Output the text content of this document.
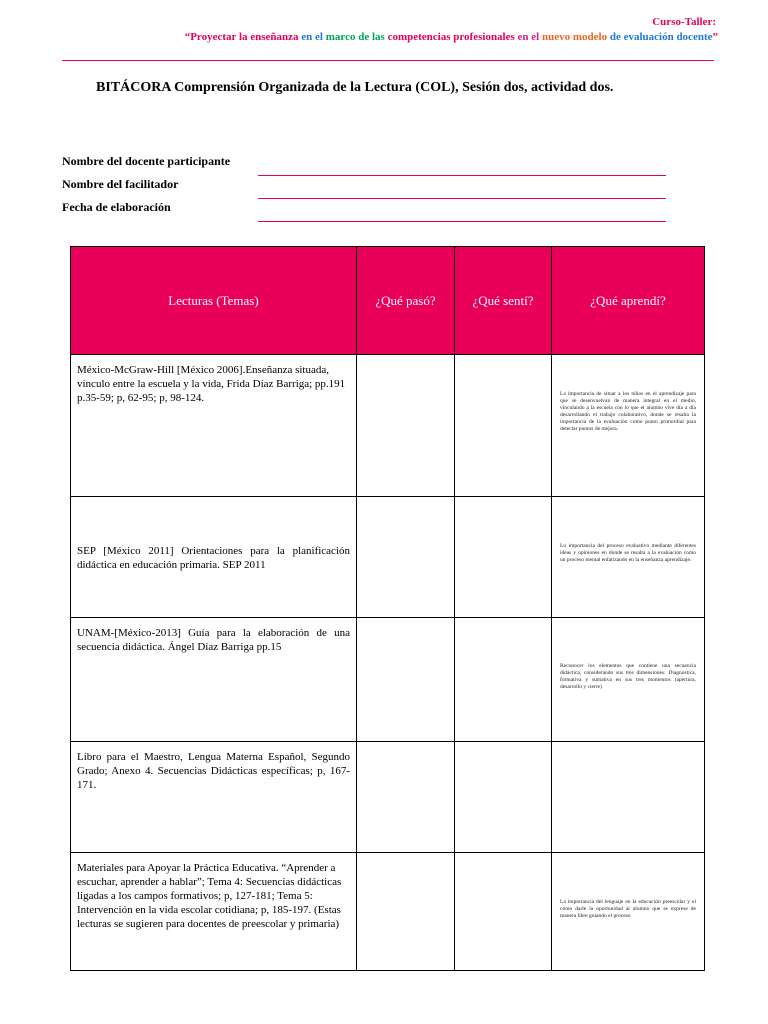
Curso-Taller:
“Proyectar la enseñanza en el marco de las competencias profesionales en el nuevo modelo de evaluación docente”
BITÁCORA Comprensión Organizada de la Lectura (COL), Sesión dos, actividad dos.
Nombre del docente participante
Nombre del facilitador
Fecha de elaboración
Lecturas (Temas)	¿Qué pasó?	¿Qué sentí?	¿Qué aprendí?

México-McGraw-Hill [México 2006].Enseñanza situada, vínculo entre la escuela y la vida, Frida Díaz Barriga; pp.191 p.35-59; p, 62-95; p, 98-124.			La importancia de situar a los niños en el aprendizaje para que se desenvuelvan de manera integral en el medio, vinculando a la escuela con lo que el alumno vive día a día desarrollando el trabajo colaborativo, donde se resalta la importancia de la evaluación como punto primordial para detectar puntos de mejora.

SEP [México 2011] Orientaciones para la planificación didáctica en educación primaria. SEP 2011			Lo importancia del proceso evaluativo mediante diferentes ideas y opiniones en donde se resalta a la evaluación como un proceso mental enfatizando en la enseñanza aprendizaje.

UNAM-[México-2013] Guía para la elaboración de una secuencia didáctica. Ángel Díaz Barriga pp.15			Reconocer los elementos que contiene una secuencia didáctica, considerando sus tres dimensiones: Diagnostica, formativa y sumativa en sus tres momentos (apertura, desarrollo y cierre)

Libro para el Maestro, Lengua Materna Español, Segundo Grado; Anexo 4. Secuencias Didácticas específicas; p, 167-171.			

Materiales para Apoyar la Práctica Educativa. “Aprender a escuchar, aprender a hablar”; Tema 4: Secuencias didácticas ligadas a los campos formativos; p, 127-181; Tema 5: Intervención en la vida escolar cotidiana; p, 185-197. (Estas lecturas se sugieren para docentes de preescolar y primaria)			La importancia del lenguaje en la educación preescolar y el cómo darle la oportunidad al alumno que se exprese de manera libre guiando el proceso
